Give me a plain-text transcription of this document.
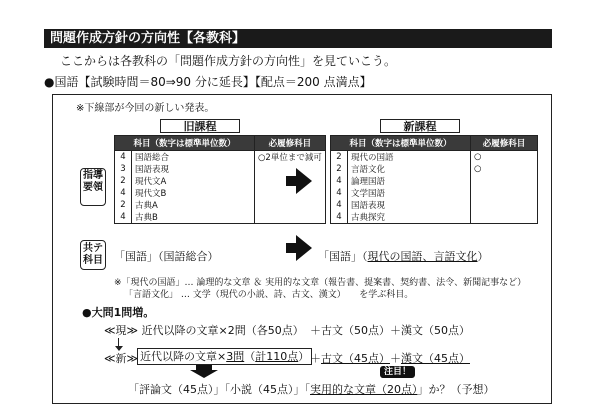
問題作成方針の方向性【各教科】
ここからは各教科の「問題作成方針の方向性」を見ていこう。
●国語【試験時間＝80⇒90 分に延長】【配点＝200 点満点】
※下線部が今回の新しい発表。
旧課程
科目（数字は標準単位数）		必履修科目
4	国語総合	○2単位まで減可
3	国語表現	
2	現代文A	
4	現代文B	
2	古典A	
4	古典B	
新課程
科目（数字は標準単位数）		必履修科目
2	現代の国語	○
2	言語文化	○
4	論理国語	
4	文学国語	
4	国語表現	
4	古典探究	
指導要領
共テ科目 「国語」（国語総合）	「国語」（現代の国語、言語文化）
※「現代の国語」… 論理的な文章 ＆ 実用的な文章（報告書、提案書、契約書、法令、新聞記事など）
「言語文化」 … 文学（現代の小説、詩、古文、漢文）　　を学ぶ科目。
●大問1問増。
≪現≫ 近代以降の文章×2問（各50点） ＋古文（50点）＋漢文（50点）
≪新≫ 近代以降の文章×3問（計110点） ＋古文（45点）＋漢文（45点）
注目！
「評論文（45点）」「小説（45点）」「実用的な文章（20点）」か？（予想）
